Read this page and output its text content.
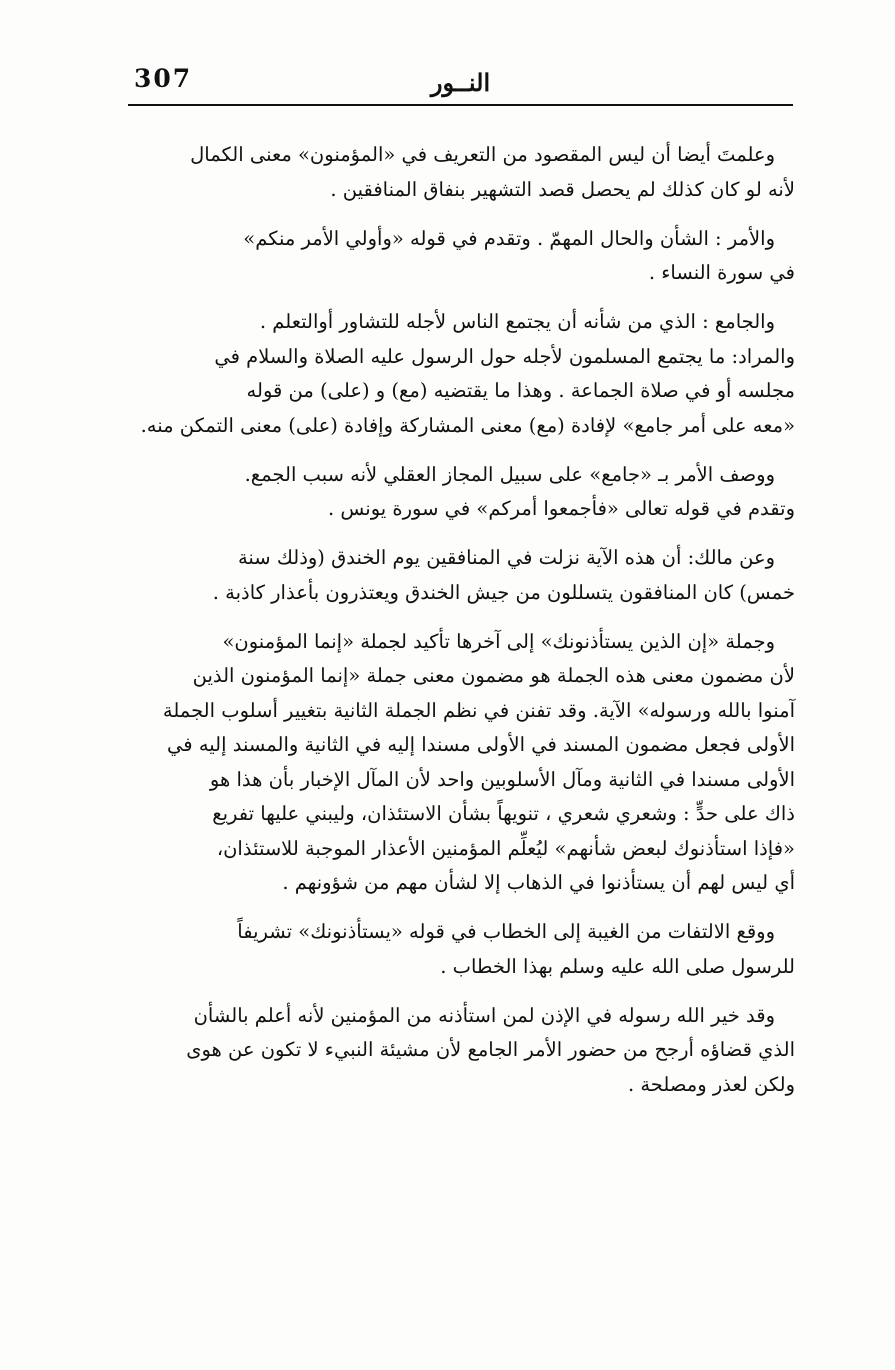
النــور
307

وعلمتَ أيضا أن ليس المقصود من التعريف في «المؤمنون» معنى الكمال
لأنه لو كان كذلك لم يحصل قصد التشهير بنفاق المنافقين .

والأمر : الشأن والحال المهمّ . وتقدم في قوله «وأولي الأمر منكم»
في سورة النساء .

والجامع : الذي من شأنه أن يجتمع الناس لأجله للتشاور أوالتعلم .
والمراد: ما يجتمع المسلمون لأجله حول الرسول عليه الصلاة والسلام في
مجلسه أو في صلاة الجماعة . وهذا ما يقتضيه (مع) و (على) من قوله
«معه على أمر جامع» لإفادة (مع) معنى المشاركة وإفادة (على) معنى التمكن منه.

ووصف الأمر بـ «جامع» على سبيل المجاز العقلي لأنه سبب الجمع.
وتقدم في قوله تعالى «فأجمعوا أمركم» في سورة يونس .

وعن مالك: أن هذه الآية نزلت في المنافقين يوم الخندق (وذلك سنة
خمس) كان المنافقون يتسللون من جيش الخندق ويعتذرون بأعذار كاذبة .

وجملة «إن الذين يستأذنونك» إلى آخرها تأكيد لجملة «إنما المؤمنون»
لأن مضمون معنى هذه الجملة هو مضمون معنى جملة «إنما المؤمنون الذين
آمنوا بالله ورسوله» الآية. وقد تفنن في نظم الجملة الثانية بتغيير أسلوب الجملة
الأولى فجعل مضمون المسند في الأولى مسندا إليه في الثانية والمسند إليه في
الأولى مسندا في الثانية ومآل الأسلوبين واحد لأن المآل الإخبار بأن هذا هو
ذاك على حدٍّ : وشعري شعري ، تنويهاً بشأن الاستئذان، وليبني عليها تفريع
«فإذا استأذنوك لبعض شأنهم» ليُعلِّم المؤمنين الأعذار الموجبة للاستئذان،
أي ليس لهم أن يستأذنوا في الذهاب إلا لشأن مهم من شؤونهم .

ووقع الالتفات من الغيبة إلى الخطاب في قوله «يستأذنونك» تشريفاً
للرسول صلى الله عليه وسلم بهذا الخطاب .

وقد خير الله رسوله في الإذن لمن استأذنه من المؤمنين لأنه أعلم بالشأن
الذي قضاؤه أرجح من حضور الأمر الجامع لأن مشيئة النبيء لا تكون عن هوى
ولكن لعذر ومصلحة .
